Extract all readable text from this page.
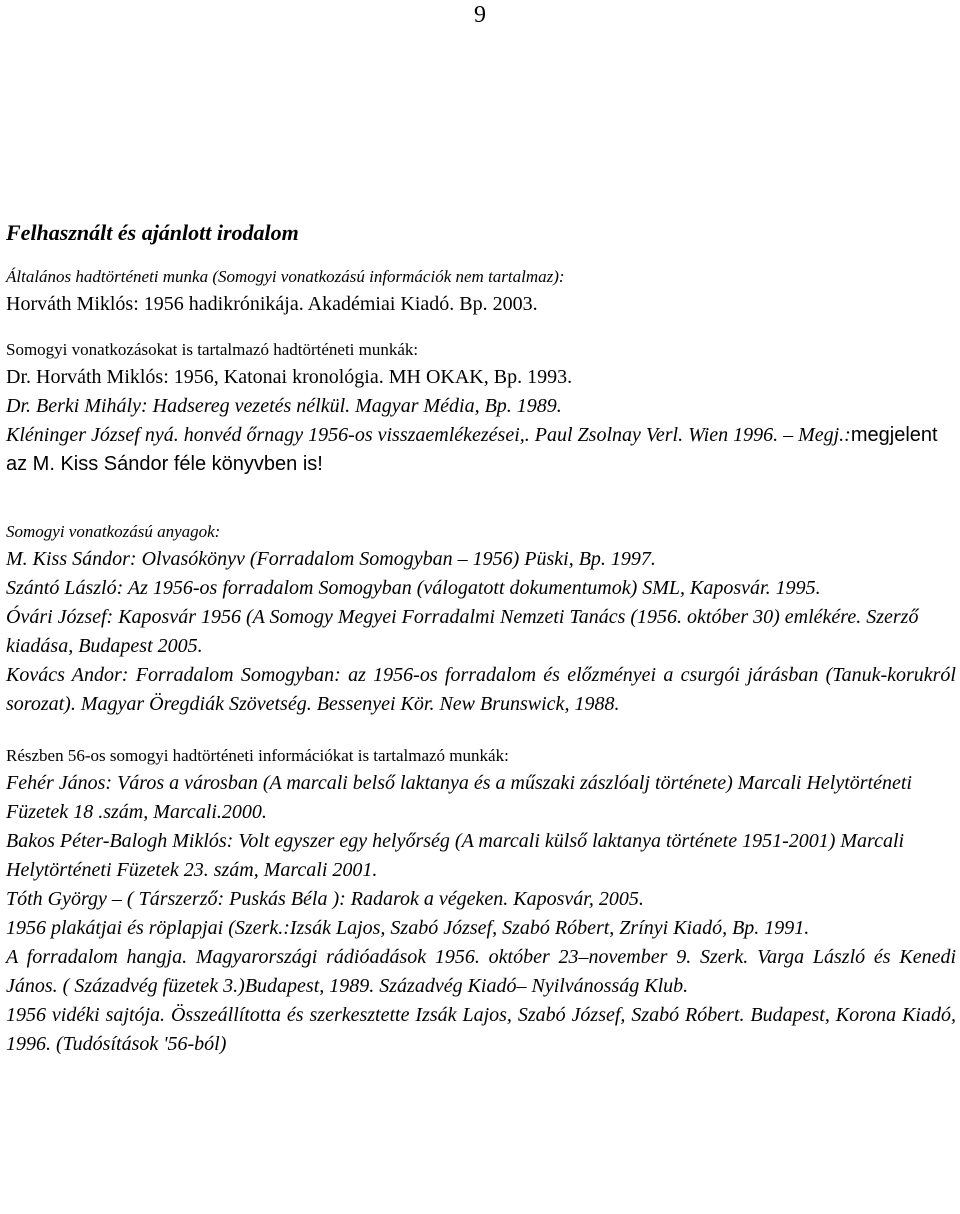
9

Felhasznált és ajánlott irodalom

Általános hadtörténeti munka (Somogyi vonatkozású információk nem tartalmaz):

Horváth Miklós: 1956 hadikrónikája. Akadémiai Kiadó. Bp. 2003.

Somogyi vonatkozásokat is tartalmazó hadtörténeti munkák:

Dr. Horváth Miklós: 1956, Katonai kronológia. MH OKAK, Bp. 1993.

Dr. Berki Mihály: Hadsereg vezetés nélkül. Magyar Média, Bp. 1989.

Kléninger József nyá. honvéd őrnagy 1956-os visszaemlékezései,. Paul Zsolnay Verl. Wien 1996. – Megj.:megjelent az M. Kiss Sándor féle könyvben is!

Somogyi vonatkozású anyagok:

M. Kiss Sándor: Olvasókönyv (Forradalom Somogyban – 1956) Püski, Bp. 1997.

Szántó László: Az 1956-os forradalom Somogyban (válogatott dokumentumok) SML, Kaposvár. 1995.

Óvári József: Kaposvár 1956 (A Somogy Megyei Forradalmi Nemzeti Tanács (1956. október 30) emlékére. Szerző kiadása, Budapest 2005.

Kovács Andor: Forradalom Somogyban: az 1956-os forradalom és előzményei a csurgói járásban (Tanuk-korukról sorozat). Magyar Öregdiák Szövetség. Bessenyei Kör. New Brunswick, 1988.

Részben 56-os somogyi hadtörténeti információkat is tartalmazó munkák:

Fehér János: Város a városban (A marcali belső laktanya és a műszaki zászlóalj története) Marcali Helytörténeti Füzetek 18 .szám, Marcali.2000.

Bakos Péter-Balogh Miklós: Volt egyszer egy helyőrség (A marcali külső laktanya története 1951-2001) Marcali Helytörténeti Füzetek 23. szám, Marcali 2001.

Tóth György – ( Társzerző: Puskás Béla ): Radarok a végeken. Kaposvár, 2005.

1956 plakátjai és röplapjai (Szerk.:Izsák Lajos, Szabó József, Szabó Róbert, Zrínyi Kiadó, Bp. 1991.

A forradalom hangja. Magyarországi rádióadások 1956. október 23–november 9. Szerk. Varga László és Kenedi János. ( Századvég füzetek 3.)Budapest, 1989. Századvég Kiadó– Nyilvánosság Klub.

1956 vidéki sajtója. Összeállította és szerkesztette Izsák Lajos, Szabó József, Szabó Róbert. Budapest, Korona Kiadó, 1996. (Tudósítások '56-ból)
